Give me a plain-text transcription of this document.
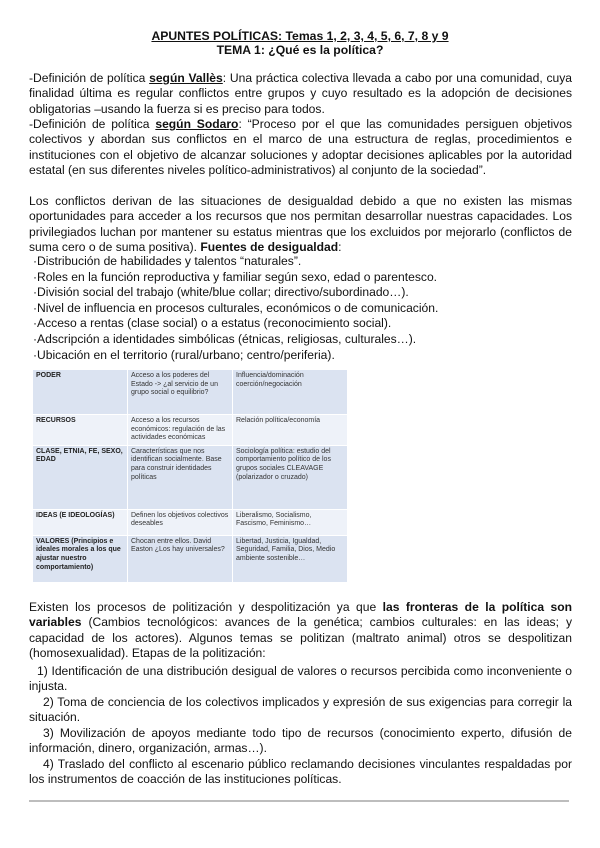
APUNTES POLÍTICAS: Temas 1, 2, 3, 4, 5, 6, 7, 8 y 9
TEMA 1: ¿Qué es la política?

-Definición de política según Vallès: Una práctica colectiva llevada a cabo por una comunidad, cuya finalidad última es regular conflictos entre grupos y cuyo resultado es la adopción de decisiones obligatorias –usando la fuerza si es preciso para todos.

-Definición de política según Sodaro: “Proceso por el que las comunidades persiguen objetivos colectivos y abordan sus conflictos en el marco de una estructura de reglas, procedimientos e instituciones con el objetivo de alcanzar soluciones y adoptar decisiones aplicables por la autoridad estatal (en sus diferentes niveles político-administrativos) al conjunto de la sociedad”.

Los conflictos derivan de las situaciones de desigualdad debido a que no existen las mismas oportunidades para acceder a los recursos que nos permitan desarrollar nuestras capacidades. Los privilegiados luchan por mantener su estatus mientras que los excluidos por mejorarlo (conflictos de suma cero o de suma positiva). Fuentes de desigualdad:

·Distribución de habilidades y talentos “naturales”.
·Roles en la función reproductiva y familiar según sexo, edad o parentesco.
·División social del trabajo (white/blue collar; directivo/subordinado…).
·Nivel de influencia en procesos culturales, económicos o de comunicación.
·Acceso a rentas (clase social) o a estatus (reconocimiento social).
·Adscripción a identidades simbólicas (étnicas, religiosas, culturales…).
·Ubicación en el territorio (rural/urbano; centro/periferia).
PODER	Acceso a los poderes del Estado -> ¿al servicio de un grupo social o equilibrio?	Influencia/dominación coerción/negociación
RECURSOS	Acceso a los recursos económicos: regulación de las actividades económicas	Relación política/economía
CLASE, ETNIA, FE, SEXO, EDAD	Características que nos identifican socialmente. Base para construir identidades políticas	Sociología política: estudio del comportamiento político de los grupos sociales CLEAVAGE (polarizador o cruzado)
IDEAS (E IDEOLOGÍAS)	Definen los objetivos colectivos deseables	Liberalismo, Socialismo, Fascismo, Feminismo…
VALORES (Principios e ideales morales a los que ajustar nuestro comportamiento)	Chocan entre ellos. David Easton ¿Los hay universales?	Libertad, Justicia, Igualdad, Seguridad, Familia, Dios, Medio ambiente sostenible…

Existen los procesos de politización y despolitización ya que las fronteras de la política son variables (Cambios tecnológicos: avances de la genética; cambios culturales: en las ideas; y capacidad de los actores). Algunos temas se politizan (maltrato animal) otros se despolitizan (homosexualidad). Etapas de la politización:

1) Identificación de una distribución desigual de valores o recursos percibida como inconveniente o injusta.

2) Toma de conciencia de los colectivos implicados y expresión de sus exigencias para corregir la situación.

3) Movilización de apoyos mediante todo tipo de recursos (conocimiento experto, difusión de información, dinero, organización, armas…).

4) Traslado del conflicto al escenario público reclamando decisiones vinculantes respaldadas por los instrumentos de coacción de las instituciones políticas.
